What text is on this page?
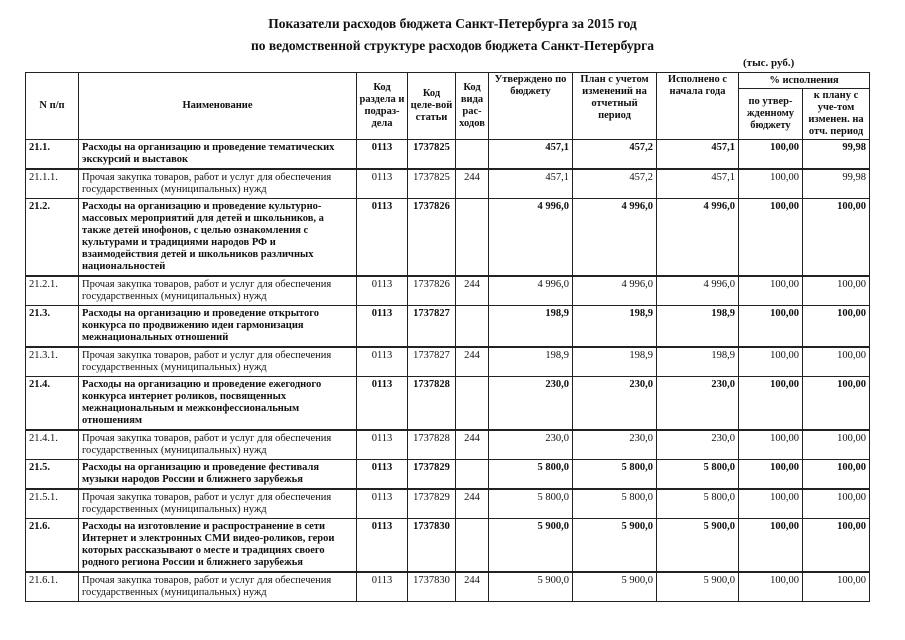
Показатели расходов бюджета Санкт-Петербурга за 2015 год
по ведомственной структуре расходов бюджета Санкт-Петербурга
(тыс. руб.)
N п/п	Наименование	Код раздела и подраз-дела	Код целе-вой статьи	Код вида рас-ходов	Утверждено по бюджету	План с учетом изменений на отчетный период	Исполнено с начала года	% исполнения	
								по утвер-жденному бюджету	к плану с уче-том изменен. на отч. период
21.1.	Расходы на организацию и проведение тематических экскурсий и выставок	0113	1737825		457,1	457,2	457,1	100,00	99,98
21.1.1.	Прочая закупка товаров, работ и услуг для обеспечения государственных (муниципальных) нужд	0113	1737825	244	457,1	457,2	457,1	100,00	99,98
21.2.	Расходы на организацию и проведение культурно-массовых мероприятий для детей и школьников, а также детей инофонов, с целью ознакомления с культурами и традициями народов РФ и взаимодействия детей и школьников различных национальностей	0113	1737826		4 996,0	4 996,0	4 996,0	100,00	100,00
21.2.1.	Прочая закупка товаров, работ и услуг для обеспечения государственных (муниципальных) нужд	0113	1737826	244	4 996,0	4 996,0	4 996,0	100,00	100,00
21.3.	Расходы на организацию и проведение открытого конкурса по продвижению идеи гармонизация межнациональных отношений	0113	1737827		198,9	198,9	198,9	100,00	100,00
21.3.1.	Прочая закупка товаров, работ и услуг для обеспечения государственных (муниципальных) нужд	0113	1737827	244	198,9	198,9	198,9	100,00	100,00
21.4.	Расходы на организацию и проведение ежегодного конкурса интернет роликов, посвященных межнациональным и межконфессиональным отношениям	0113	1737828		230,0	230,0	230,0	100,00	100,00
21.4.1.	Прочая закупка товаров, работ и услуг для обеспечения государственных (муниципальных) нужд	0113	1737828	244	230,0	230,0	230,0	100,00	100,00
21.5.	Расходы на организацию и проведение фестиваля музыки народов России и ближнего зарубежья	0113	1737829		5 800,0	5 800,0	5 800,0	100,00	100,00
21.5.1.	Прочая закупка товаров, работ и услуг для обеспечения государственных (муниципальных) нужд	0113	1737829	244	5 800,0	5 800,0	5 800,0	100,00	100,00
21.6.	Расходы на изготовление и распространение в сети Интернет и электронных СМИ видео-роликов, герои которых рассказывают о месте и традициях своего родного региона России и ближнего зарубежья	0113	1737830		5 900,0	5 900,0	5 900,0	100,00	100,00
21.6.1.	Прочая закупка товаров, работ и услуг для обеспечения государственных (муниципальных) нужд	0113	1737830	244	5 900,0	5 900,0	5 900,0	100,00	100,00
